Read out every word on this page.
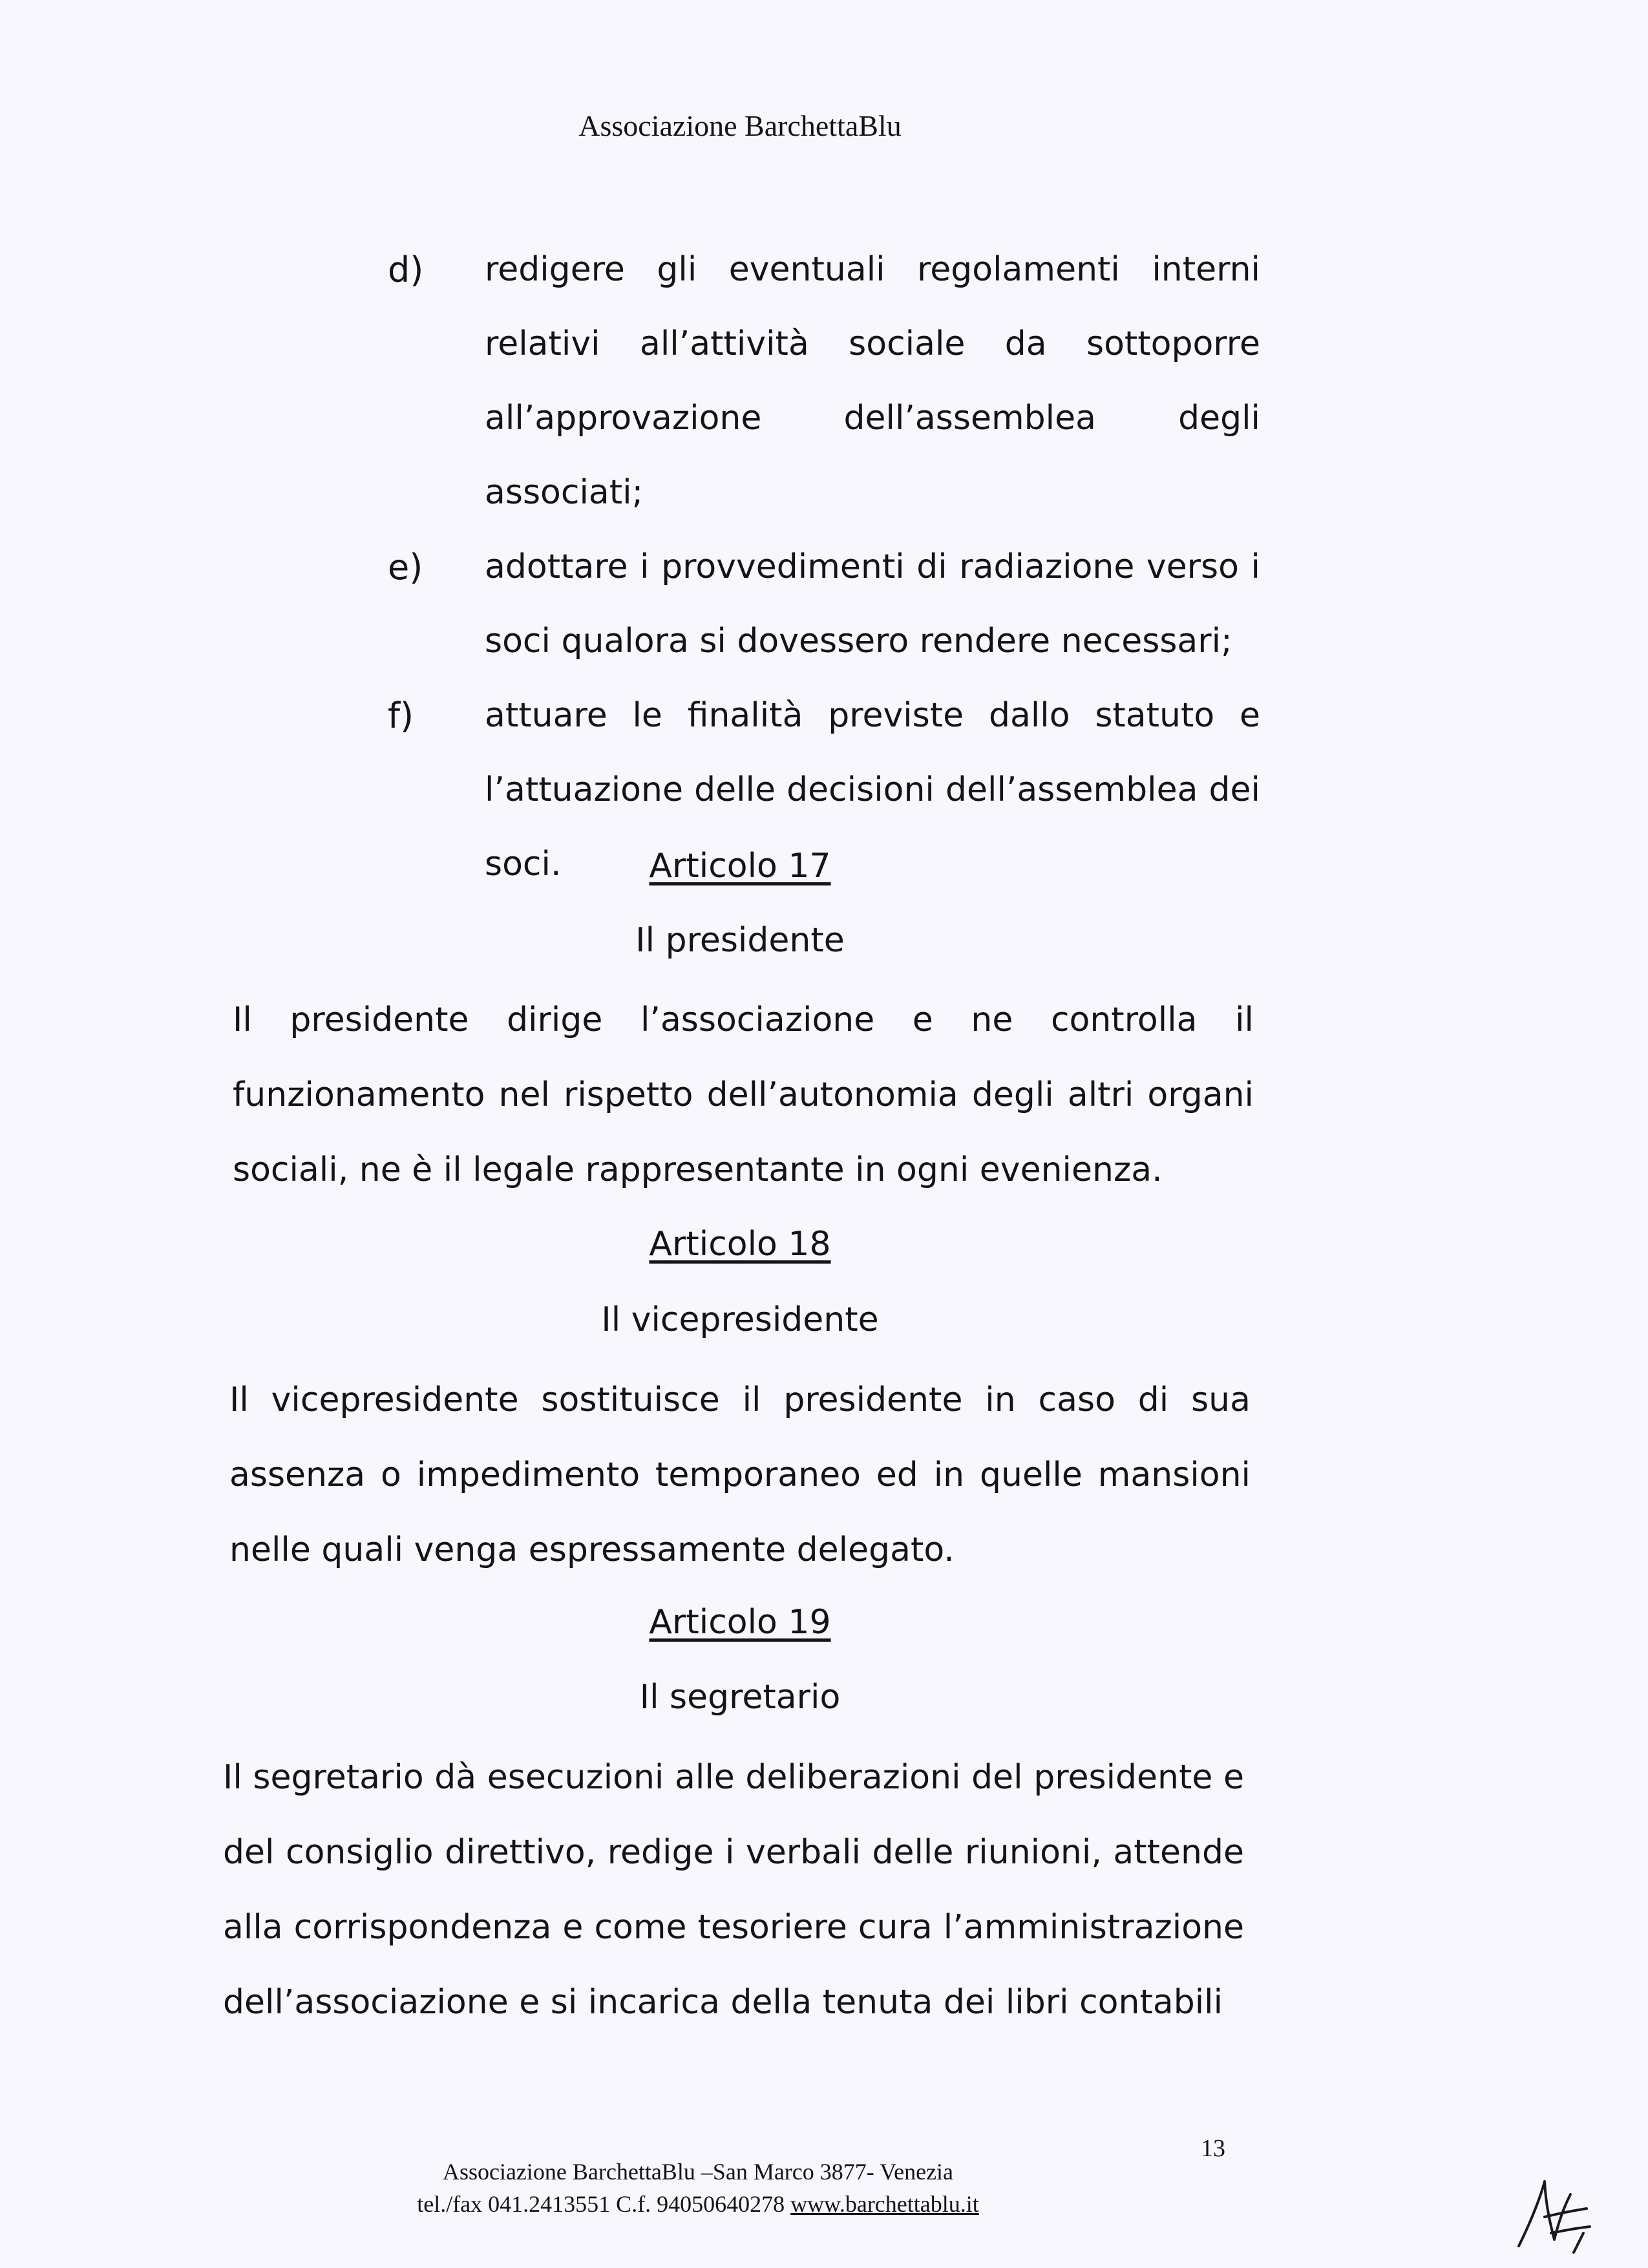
Associazione BarchettaBlu
d)	redigere gli eventuali regolamenti interni relativi all’attività sociale da sottoporre all’approvazione dell’assemblea degli associati;
e)	adottare i provvedimenti di radiazione verso i soci qualora si dovessero rendere necessari;
f)	attuare le finalità previste dallo statuto e l’attuazione delle decisioni dell’assemblea dei soci.	Articolo 17
Il presidente
Il presidente dirige l’associazione e ne controlla il funzionamento nel rispetto dell’autonomia degli altri organi sociali, ne è il legale rappresentante in ogni evenienza.
Articolo 18
Il vicepresidente
Il vicepresidente sostituisce il presidente in caso di sua assenza o impedimento temporaneo ed in quelle mansioni nelle quali venga espressamente delegato.
Articolo 19
Il segretario
Il segretario dà esecuzioni alle deliberazioni del presidente e del consiglio direttivo, redige i verbali delle riunioni, attende alla corrispondenza e come tesoriere cura l’amministrazione dell’associazione e si incarica della tenuta dei libri contabili
13
Associazione BarchettaBlu –San Marco 3877- Venezia
tel./fax 041.2413551 C.f. 94050640278 www.barchettablu.it
